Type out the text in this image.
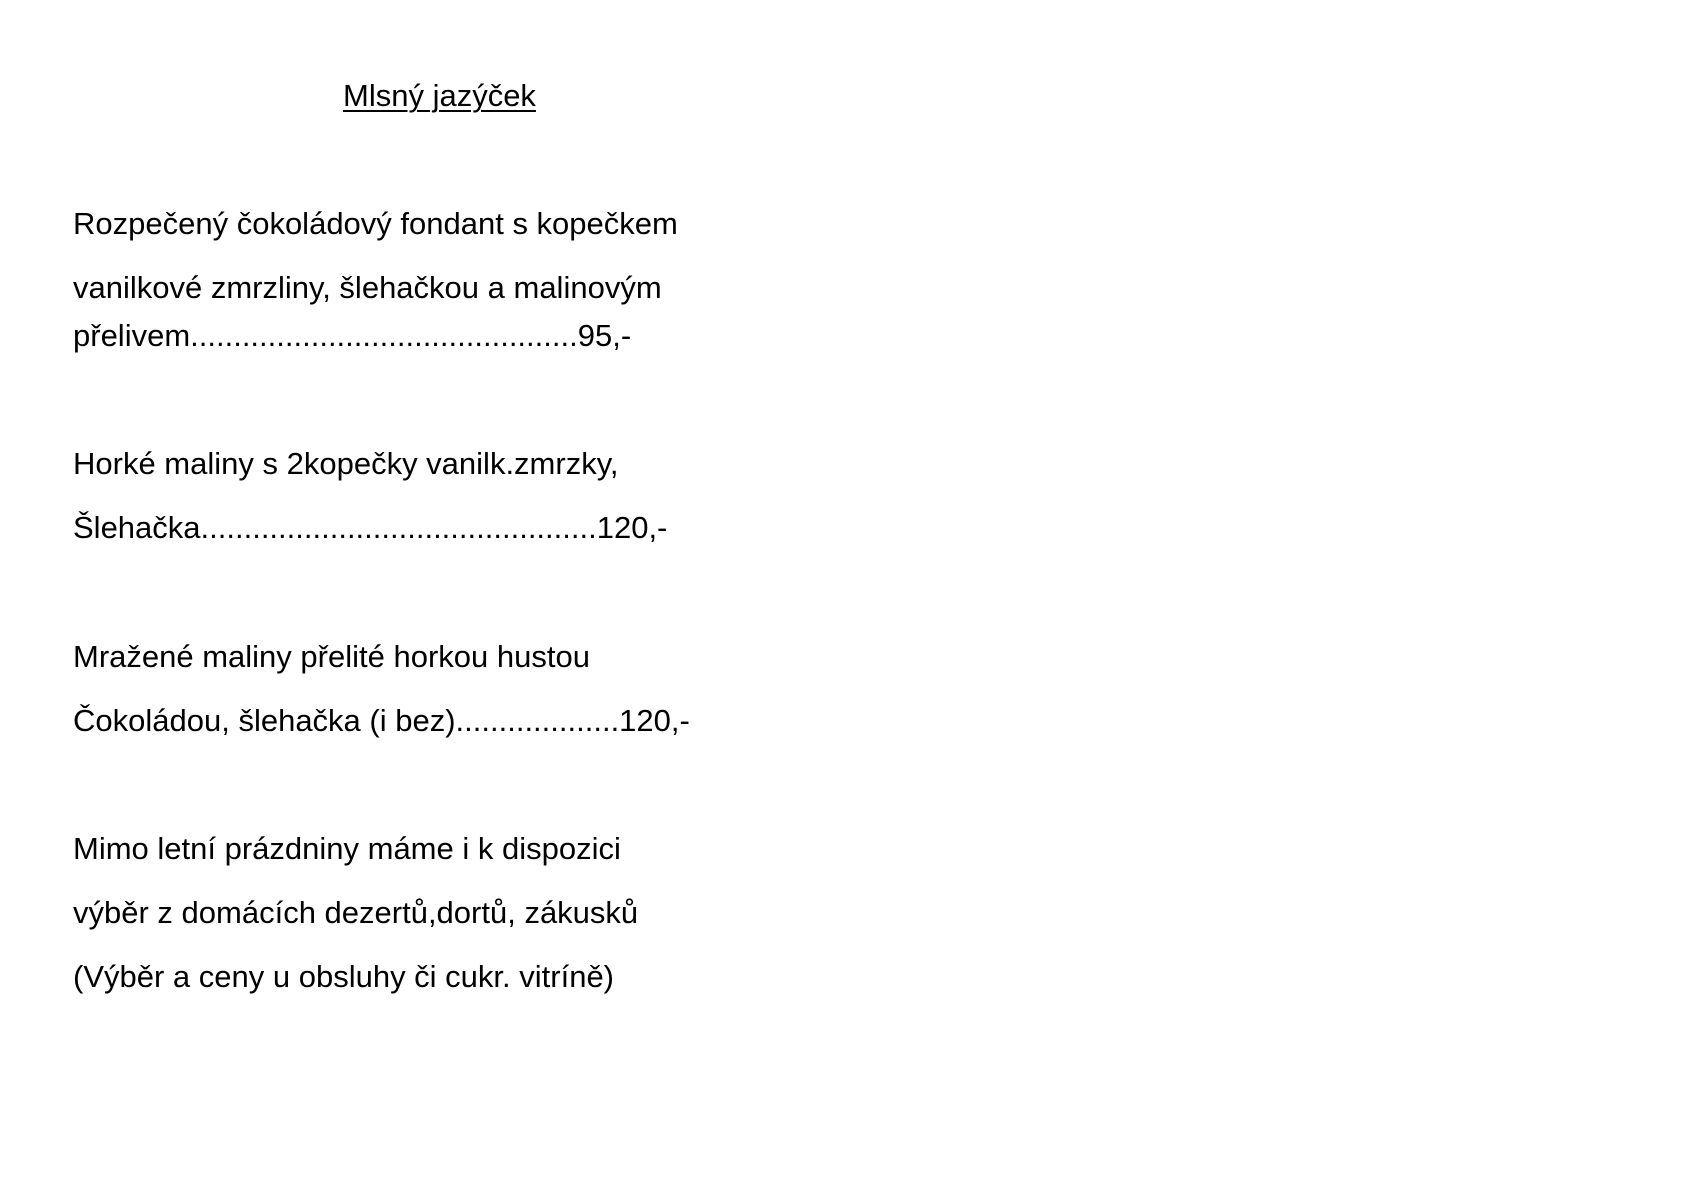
Mlsný jazýček
Rozpečený čokoládový fondant s kopečkem
vanilkové zmrzliny, šlehačkou a malinovým
přelivem.............................................95,-
Horké maliny s 2kopečky vanilk.zmrzky,
Šlehačka..............................................120,-
Mražené maliny přelité horkou hustou
Čokoládou, šlehačka (i bez)...................120,-
Mimo letní prázdniny máme i k dispozici
výběr z domácích dezertů,dortů, zákusků
(Výběr a ceny u obsluhy či cukr. vitríně)
